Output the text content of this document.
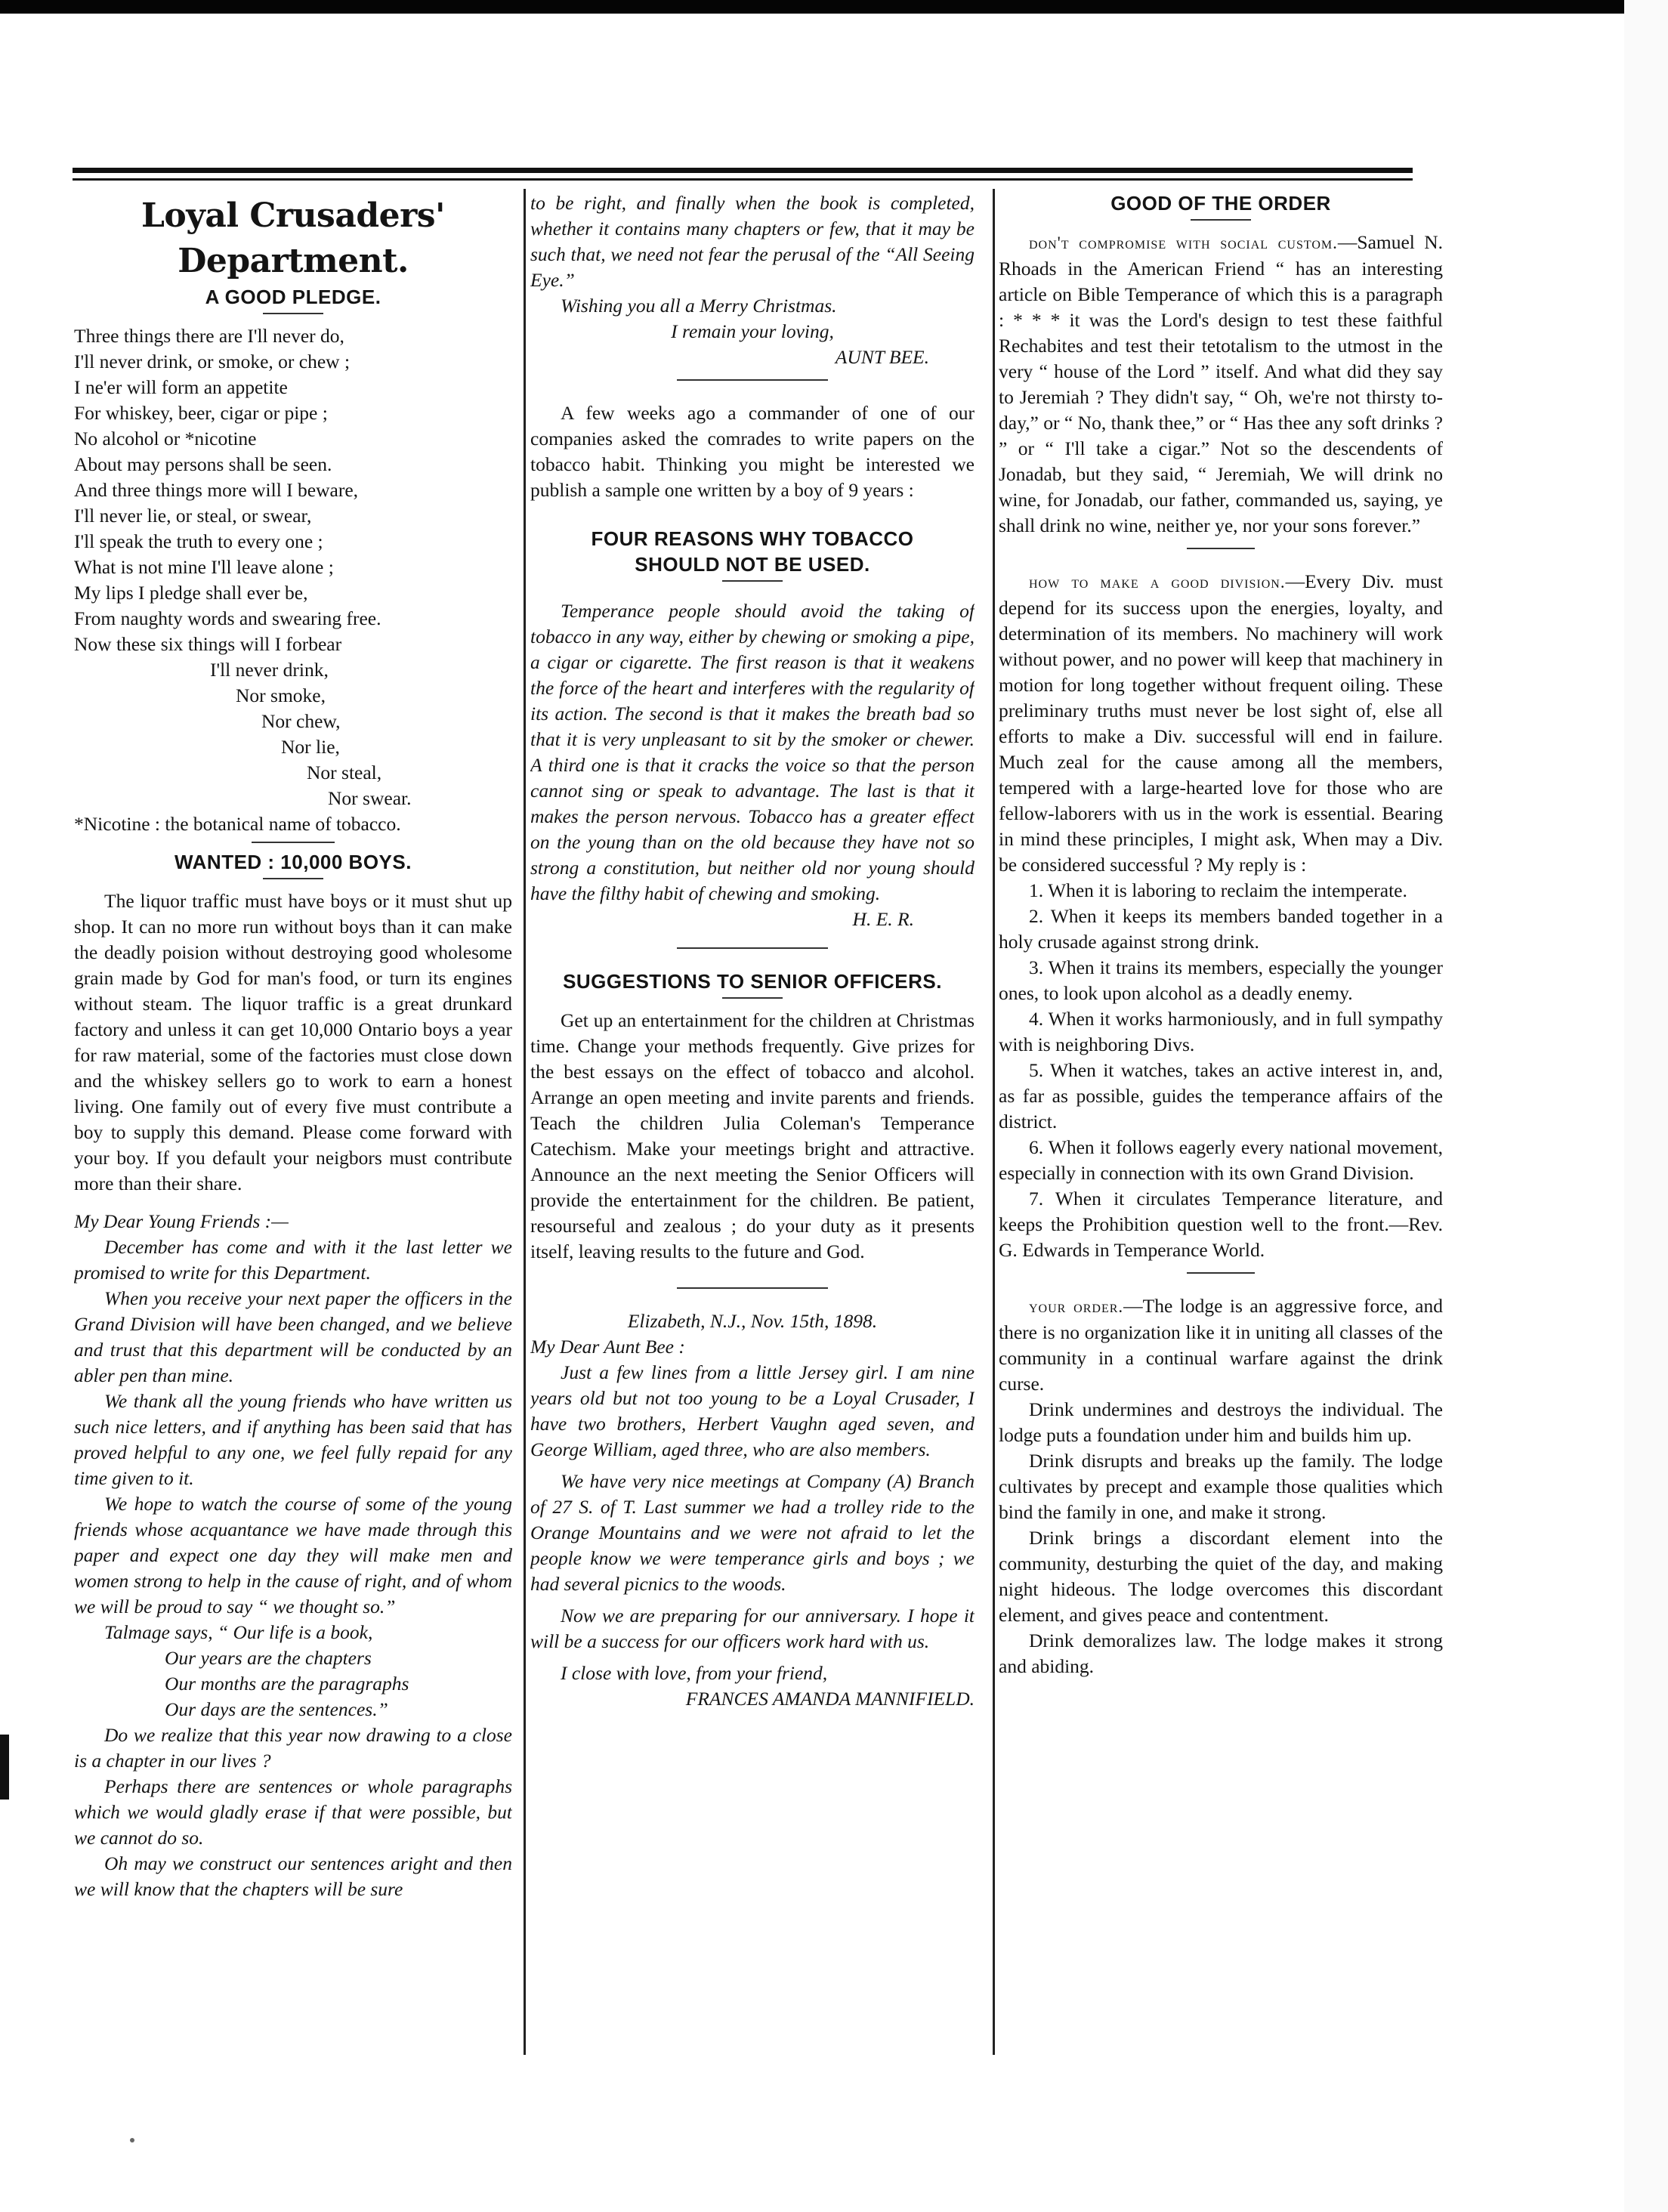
Loyal Crusaders' Department.
A GOOD PLEDGE.

Three things there are I'll never do,

I'll never drink, or smoke, or chew ;

I ne'er will form an appetite

For whiskey, beer, cigar or pipe ;

No alcohol or *nicotine

About may persons shall be seen.

And three things more will I beware,

I'll never lie, or steal, or swear,

I'll speak the truth to every one ;

What is not mine I'll leave alone ;

My lips I pledge shall ever be,

From naughty words and swearing free.

Now these six things will I forbear

I'll never drink,

Nor smoke,

Nor chew,

Nor lie,

Nor steal,

Nor swear.

*Nicotine : the botanical name of tobacco.

WANTED : 10,000 BOYS.

The liquor traffic must have boys or it must shut up shop. It can no more run without boys than it can make the deadly poision without destroying good wholesome grain made by God for man's food, or turn its engines without steam. The liquor traffic is a great drunkard factory and unless it can get 10,000 Ontario boys a year for raw material, some of the factories must close down and the whiskey sellers go to work to earn a honest living. One family out of every five must contribute a boy to supply this demand. Please come forward with your boy. If you default your neigbors must contribute more than their share.

My Dear Young Friends :—

December has come and with it the last letter we promised to write for this Department.

When you receive your next paper the officers in the Grand Division will have been changed, and we believe and trust that this department will be conducted by an abler pen than mine.

We thank all the young friends who have written us such nice letters, and if anything has been said that has proved helpful to any one, we feel fully repaid for any time given to it.

We hope to watch the course of some of the young friends whose acquantance we have made through this paper and expect one day they will make men and women strong to help in the cause of right, and of whom we will be proud to say “ we thought so.”

Talmage says, “ Our life is a book,

Our years are the chapters

Our months are the paragraphs

Our days are the sentences.”

Do we realize that this year now drawing to a close is a chapter in our lives ?

Perhaps there are sentences or whole paragraphs which we would gladly erase if that were possible, but we cannot do so.

Oh may we construct our sentences aright and then we will know that the chapters will be sure

to be right, and finally when the book is completed, whether it contains many chapters or few, that it may be such that, we need not fear the perusal of the “All Seeing Eye.”

Wishing you all a Merry Christmas.

I remain your loving,

AUNT BEE.

A few weeks ago a commander of one of our companies asked the comrades to write papers on the tobacco habit. Thinking you might be interested we publish a sample one written by a boy of 9 years :

FOUR REASONS WHY TOBACCO SHOULD NOT BE USED.

Temperance people should avoid the taking of tobacco in any way, either by chewing or smoking a pipe, a cigar or cigarette. The first reason is that it weakens the force of the heart and interferes with the regularity of its action. The second is that it makes the breath bad so that it is very unpleasant to sit by the smoker or chewer. A third one is that it cracks the voice so that the person cannot sing or speak to advantage. The last is that it makes the person nervous. Tobacco has a greater effect on the young than on the old because they have not so strong a constitution, but neither old nor young should have the filthy habit of chewing and smoking.

H. E. R.

SUGGESTIONS TO SENIOR OFFICERS.

Get up an entertainment for the children at Christmas time. Change your methods frequently. Give prizes for the best essays on the effect of tobacco and alcohol. Arrange an open meeting and invite parents and friends. Teach the children Julia Coleman's Temperance Catechism. Make your meetings bright and attractive. Announce an the next meeting the Senior Officers will provide the entertainment for the children. Be patient, resourseful and zealous ; do your duty as it presents itself, leaving results to the future and God.

Elizabeth, N.J., Nov. 15th, 1898.

My Dear Aunt Bee :

Just a few lines from a little Jersey girl. I am nine years old but not too young to be a Loyal Crusader, I have two brothers, Herbert Vaughn aged seven, and George William, aged three, who are also members.

We have very nice meetings at Company (A) Branch of 27 S. of T. Last summer we had a trolley ride to the Orange Mountains and we were not afraid to let the people know we were temperance girls and boys ; we had several picnics to the woods.

Now we are preparing for our anniversary. I hope it will be a success for our officers work hard with us.

I close with love, from your friend,

FRANCES AMANDA MANNIFIELD.

GOOD OF THE ORDER

don't compromise with social custom.—Samuel N. Rhoads in the American Friend “ has an interesting article on Bible Temperance of which this is a paragraph : * * * it was the Lord's design to test these faithful Rechabites and test their tetotalism to the utmost in the very “ house of the Lord ” itself. And what did they say to Jeremiah ? They didn't say, “ Oh, we're not thirsty to-day,” or “ No, thank thee,” or “ Has thee any soft drinks ? ” or “ I'll take a cigar.” Not so the descendents of Jonadab, but they said, “ Jeremiah, We will drink no wine, for Jonadab, our father, commanded us, saying, ye shall drink no wine, neither ye, nor your sons forever.”

how to make a good division.—Every Div. must depend for its success upon the energies, loyalty, and determination of its members. No machinery will work without power, and no power will keep that machinery in motion for long together without frequent oiling. These preliminary truths must never be lost sight of, else all efforts to make a Div. successful will end in failure. Much zeal for the cause among all the members, tempered with a large-hearted love for those who are fellow-laborers with us in the work is essential. Bearing in mind these principles, I might ask, When may a Div. be considered successful ? My reply is :

1. When it is laboring to reclaim the intemperate.

2. When it keeps its members banded together in a holy crusade against strong drink.

3. When it trains its members, especially the younger ones, to look upon alcohol as a deadly enemy.

4. When it works harmoniously, and in full sympathy with is neighboring Divs.

5. When it watches, takes an active interest in, and, as far as possible, guides the temperance affairs of the district.

6. When it follows eagerly every national movement, especially in connection with its own Grand Division.

7. When it circulates Temperance literature, and keeps the Prohibition question well to the front.—Rev. G. Edwards in Temperance World.

your order.—The lodge is an aggressive force, and there is no organization like it in uniting all classes of the community in a continual warfare against the drink curse.

Drink undermines and destroys the individual. The lodge puts a foundation under him and builds him up.

Drink disrupts and breaks up the family. The lodge cultivates by precept and example those qualities which bind the family in one, and make it strong.

Drink brings a discordant element into the community, desturbing the quiet of the day, and making night hideous. The lodge overcomes this discordant element, and gives peace and contentment.

Drink demoralizes law. The lodge makes it strong and abiding.
